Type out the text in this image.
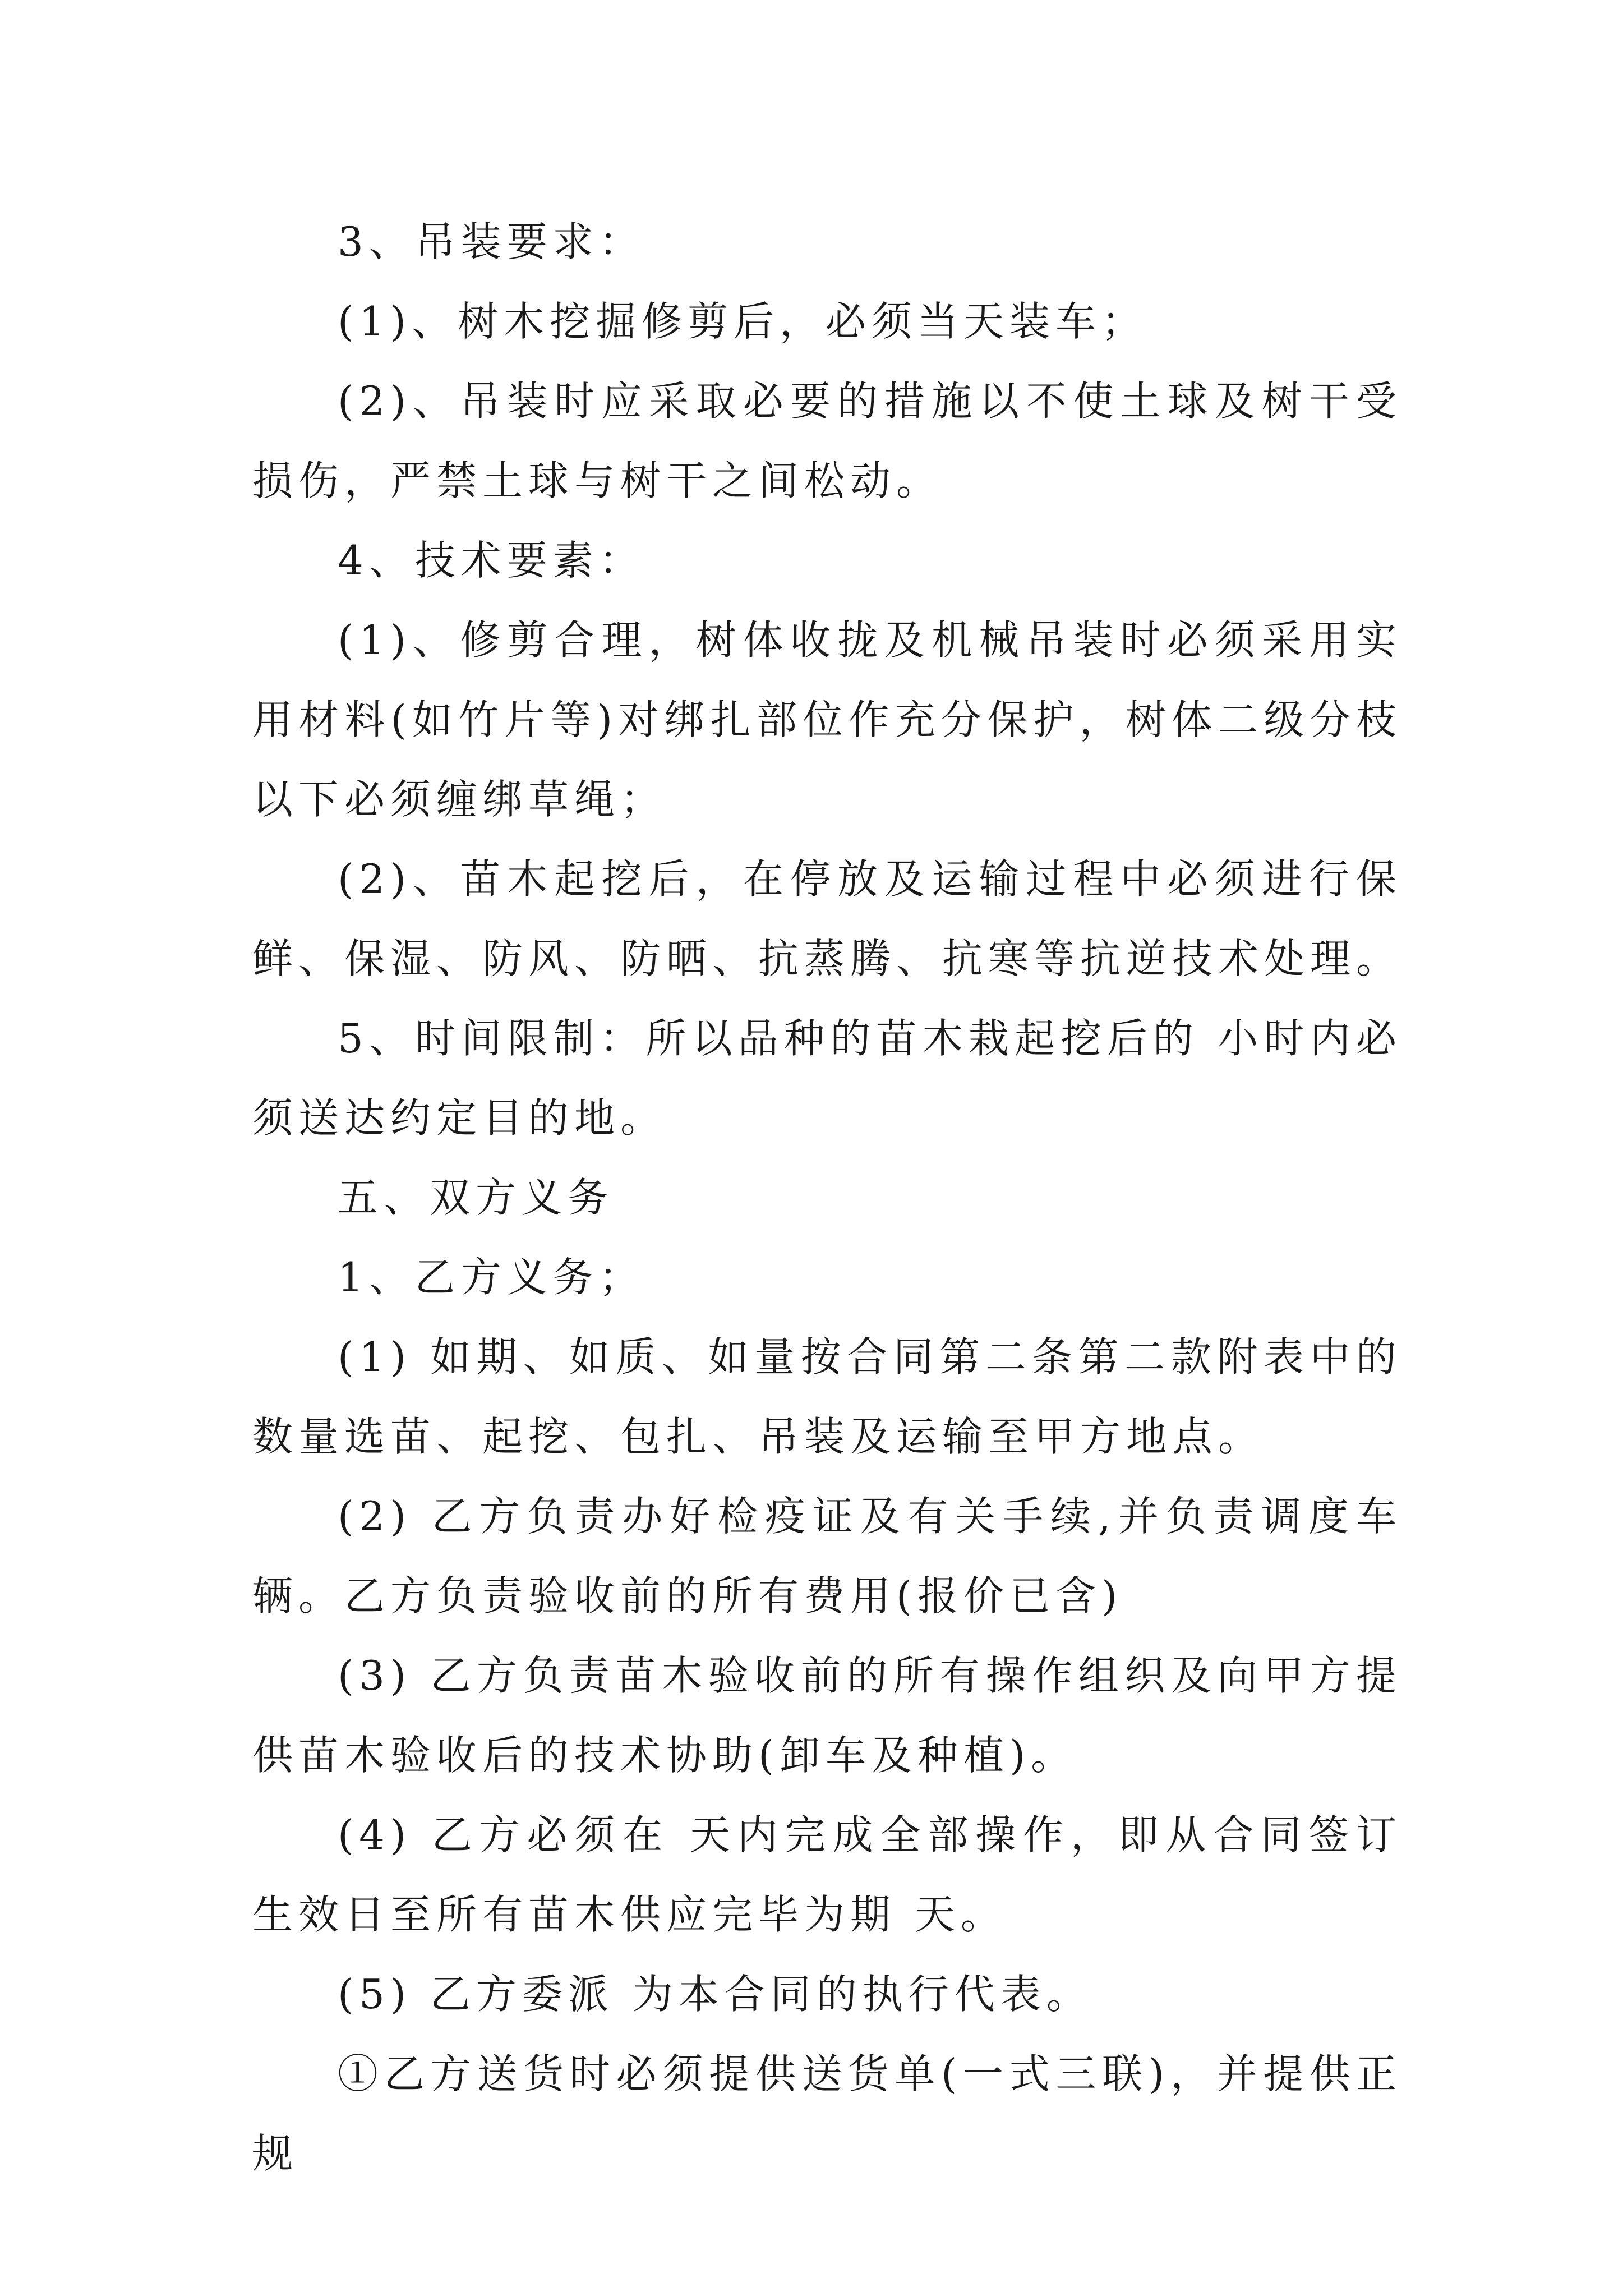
3、吊装要求：

(1)、树木挖掘修剪后，必须当天装车；

(2)、吊装时应采取必要的措施以不使土球及树干受损伤，严禁土球与树干之间松动。

4、技术要素：

(1)、修剪合理，树体收拢及机械吊装时必须采用实用材料(如竹片等)对绑扎部位作充分保护，树体二级分枝以下必须缠绑草绳；

(2)、苗木起挖后，在停放及运输过程中必须进行保鲜、保湿、防风、防晒、抗蒸腾、抗寒等抗逆技术处理。

5、时间限制：所以品种的苗木栽起挖后的 小时内必须送达约定目的地。

五、双方义务

1、乙方义务；

(1) 如期、如质、如量按合同第二条第二款附表中的数量选苗、起挖、包扎、吊装及运输至甲方地点。

(2) 乙方负责办好检疫证及有关手续,并负责调度车辆。乙方负责验收前的所有费用(报价已含)

(3) 乙方负责苗木验收前的所有操作组织及向甲方提供苗木验收后的技术协助(卸车及种植)。

(4) 乙方必须在 天内完成全部操作，即从合同签订生效日至所有苗木供应完毕为期 天。

(5) 乙方委派 为本合同的执行代表。

①乙方送货时必须提供送货单(一式三联)，并提供正规
